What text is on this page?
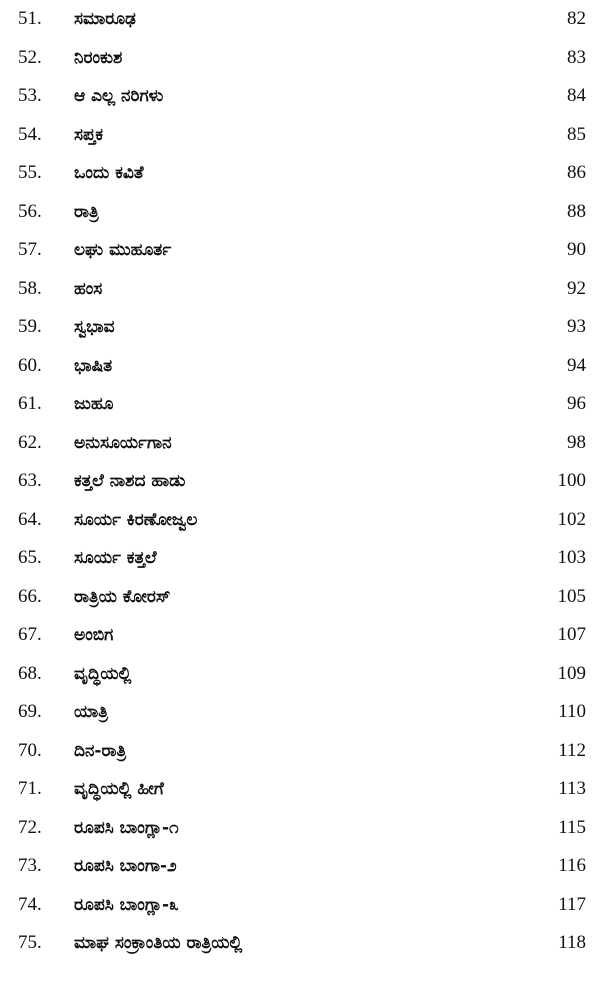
51.	ಸಮಾರೂಢ	82
52.	ನಿರಂಕುಶ	83
53.	ಆ ಎಲ್ಲ ನರಿಗಳು	84
54.	ಸಪ್ತಕ	85
55.	ಒಂದು ಕವಿತೆ	86
56.	ರಾತ್ರಿ	88
57.	ಲಘು ಮುಹೂರ್ತ	90
58.	ಹಂಸ	92
59.	ಸ್ವಭಾವ	93
60.	ಭಾಷಿತ	94
61.	ಜುಹೂ	96
62.	ಅನುಸೂರ್ಯಗಾನ	98
63.	ಕತ್ತಲೆ ನಾಶದ ಹಾಡು	100
64.	ಸೂರ್ಯ ಕಿರಣೋಜ್ವಲ	102
65.	ಸೂರ್ಯ ಕತ್ತಲೆ	103
66.	ರಾತ್ರಿಯ ಕೋರಸ್	105
67.	ಅಂಬಿಗ	107
68.	ವೃದ್ಧಿಯಲ್ಲಿ	109
69.	ಯಾತ್ರಿ	110
70.	ದಿನ-ರಾತ್ರಿ	112
71.	ವೃದ್ಧಿಯಲ್ಲಿ ಹೀಗೆ	113
72.	ರೂಪಸಿ ಬಾಂಗ್ಲಾ-೧	115
73.	ರೂಪಸಿ ಬಾಂಗಾ-೨	116
74.	ರೂಪಸಿ ಬಾಂಗ್ಲಾ-೩	117
75.	ಮಾಘ ಸಂಕ್ರಾಂತಿಯ ರಾತ್ರಿಯಲ್ಲಿ	118
